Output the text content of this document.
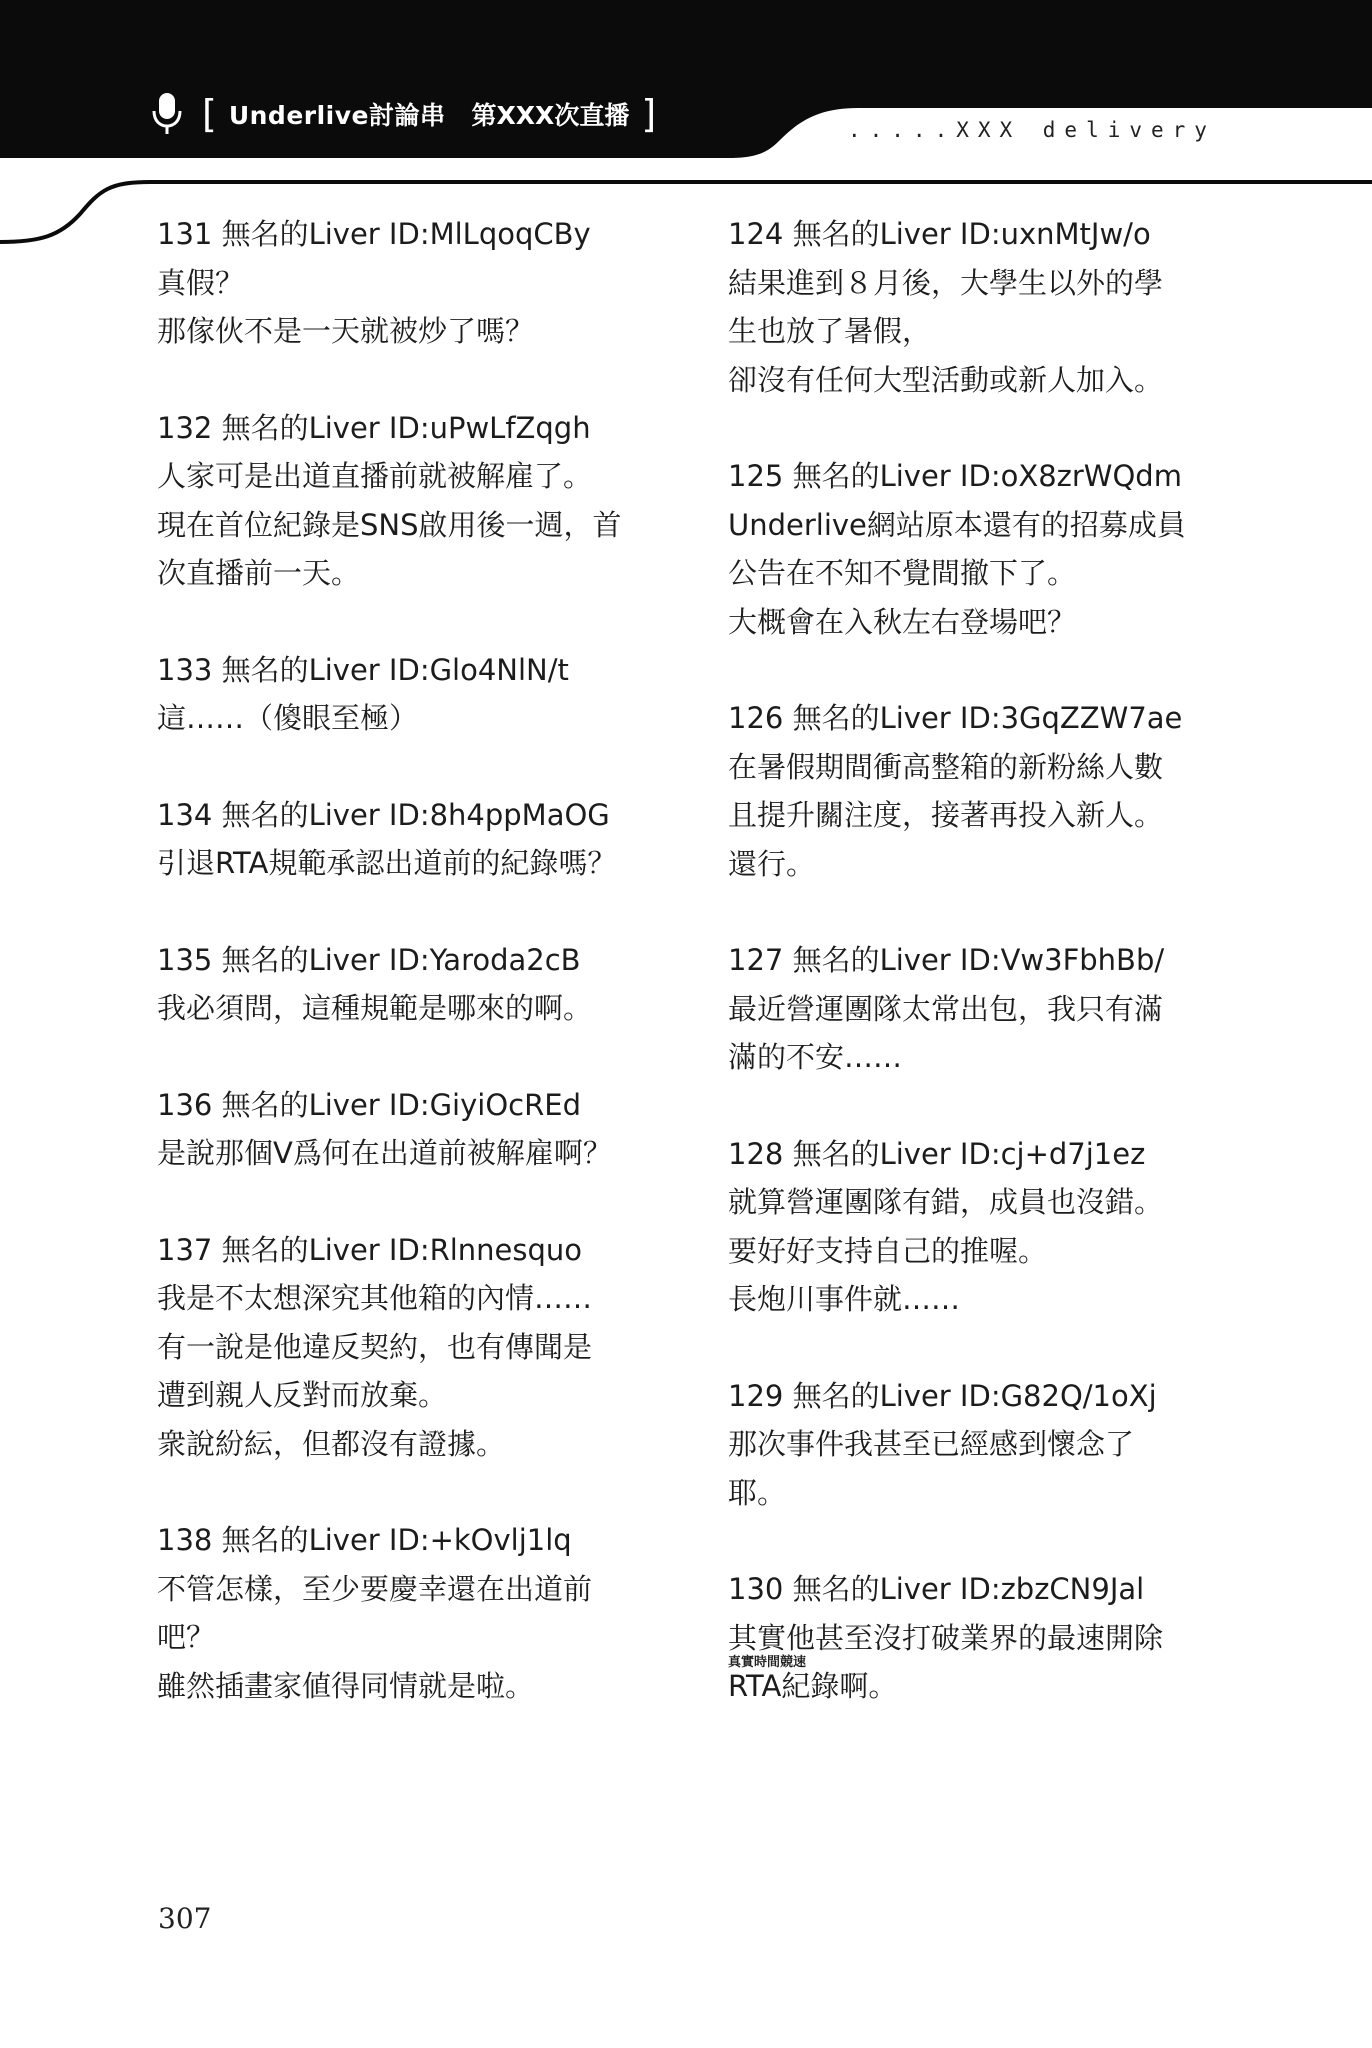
[ Underlive討論串 第XXX次直播 ]	.....XXX delivery
131 無名的Liver ID:MlLqoqCBy
真假？
那傢伙不是一天就被炒了嗎？
132 無名的Liver ID:uPwLfZqgh
人家可是出道直播前就被解雇了。
現在首位紀錄是SNS啟用後一週，首
次直播前一天。
133 無名的Liver ID:Glo4NlN/t
這……（傻眼至極）
134 無名的Liver ID:8h4ppMaOG
引退RTA規範承認出道前的紀錄嗎？
135 無名的Liver ID:Yaroda2cB
我必須問，這種規範是哪來的啊。
136 無名的Liver ID:GiyiOcREd
是說那個V爲何在出道前被解雇啊？
137 無名的Liver ID:Rlnnesquo
我是不太想深究其他箱的內情……
有一說是他違反契約，也有傳聞是
遭到親人反對而放棄。
衆說紛紜，但都沒有證據。
138 無名的Liver ID:+kOvlj1lq
不管怎樣，至少要慶幸還在出道前
吧？
雖然插畫家値得同情就是啦。
124 無名的Liver ID:uxnMtJw/o
結果進到８月後，大學生以外的學
生也放了暑假，
卻沒有任何大型活動或新人加入。
125 無名的Liver ID:oX8zrWQdm
Underlive網站原本還有的招募成員
公告在不知不覺間撤下了。
大概會在入秋左右登場吧？
126 無名的Liver ID:3GqZZW7ae
在暑假期間衝高整箱的新粉絲人數
且提升關注度，接著再投入新人。
還行。
127 無名的Liver ID:Vw3FbhBb/
最近營運團隊太常出包，我只有滿
滿的不安……
128 無名的Liver ID:cj+d7j1ez
就算營運團隊有錯，成員也沒錯。
要好好支持自己的推喔。
長炮川事件就……
129 無名的Liver ID:G82Q/1oXj
那次事件我甚至已經感到懷念了
耶。
130 無名的Liver ID:zbzCN9Jal
其實他甚至沒打破業界的最速開除
真實時間競速
RTA紀錄啊。
307
